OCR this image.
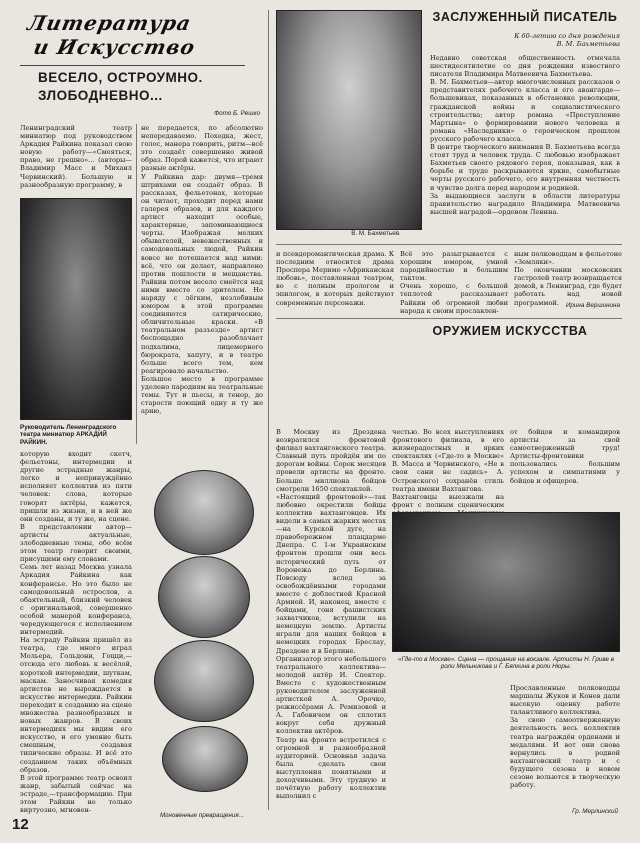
Литература
и Искусство
ВЕСЕЛО, ОСТРОУМНО.
ЗЛОБОДНЕВНО...
Фото Б. Решко
Ленинградский театр миниатюр под руководством Аркадия Райкина показал свою новую работу—«Смеяться, право, не грешно»... (авторы—Владимир Масс и Михаил Червинский). Большую и разнообразную программу, в
Руководитель Ленинградского театра миниатюр АРКАДИЙ РАЙКИН.
не передается, по абсолютно непередаваемо. Походка, жест, голос, манера говорить, ритм—всё это создаёт совершенно живой образ. Порой кажется, что играют разные актёры.
У Райкина дар: двумя—тремя штрихами он создаёт образ. В рассказах, фельетонах, которые он читает, проходит перед нами галерея образов, и для каждого артист находит особые, характерные, запоминающиеся черты. Изображая мелких обывателей, невежественных и самодовольных людей, Райкин вовсе не потешается над ними: всё, что он делает, направлено против пошлости и мещанства. Райкин потом весело смеётся над ними вместе со зрителем. Но наряду с лёгким, незлобивым юмором в этой программе соединяются сатирические, обличительные краски. «В театральном разъезде» артист беспощадно разоблачает подхалима, лицемерного бюрократа, хапугу, и в театре больше всего тем, кем реагировало начальство.
Большое место в программе уделено пародиям на театральные темы. Тут и пьесы, и тенор, до старости поющий одну и ту же арию,
которую входит скетч, фельетоны, интермедии и другие эстрадные жанры, легко и непринуждённо исполняет коллектив из пяти человек: слова, которые говорят актёры, кажется, пришли из жизни, и в ней же они созданы, и ту же, на сцене.
В представлении автор—артисты актуальные, злободневные темы, обо всём этом театр говорит своими, присущими ему словами.
Семь лет назад Москва узнала Аркадия Райкина как конферансье. Но это было не самодовольный острослов, а обаятельный, близкий человек с оригинальной, совершенно особой манерой конферанса, чередующегося с исполнением интермедий.
На эстраду Райкин пришёл из театра, где много играл Мольера, Гольдони, Гоцци,—отсюда его любовь к весёлой, короткой интермедии, шуткам, маскам. Заносчивая комедия артистов не вырождается в искусстве интермедии. Райкин переходит к созданию на сцене множества разнообразных и новых жанров. В своих интермедиях мы видим его искусство, и его умение быть смешным, создавая типические образы. И всё это созданием таких объёмных образов.
В этой программе театр освоил жанр, забытый сейчас на эстраде,—трансформацию. При этом Райкин не только виртуозно, мгновен-
Мгновенные превращения...
В. М. Бахметьев.
ЗАСЛУЖЕННЫЙ ПИСАТЕЛЬ
К 60-летию со дня рождения
В. М. Бахметьева
Недавно советская общественность отмечала шестидесятилетие со дня рождения известного писателя Владимира Матвеевича Бахметьева.
В. М. Бахметьев—автор многочисленных рассказов о представителях рабочего класса и его авангарде—большевиках, показанных в обстановке революции, гражданской войны и социалистического строительства; автор романа «Преступление Мартына» о формировании нового человека и романа «Наследники» о героическом прошлом русского рабочего класса.
В центре творческого внимания В. Бахметьева всегда стоят труд и человек труда. С любовью изображает Бахметьев своего рядового героя, показывая, как в борьбе и труде раскрываются яркие, самобытные черты русского рабочего, его внутренняя честность и чувство долга перед народом и родиной.
За выдающиеся заслуги в области литературы правительство наградило Владимира Матвеевича высшей наградой—орденом Ленина.
и псевдоромантическая драма. К последним относится драма Проспера Мериме «Африканская любовь», поставленная театром, во с полным прологом и эпилогом, в которых действуют современные персонажи.
Всё это разыгрывается с хорошим юмором, умной пародийностью и большим тактом.
Очень хорошо, с большой теплотой рассказывает Райкин об огромной любви народа к своим прославлен-
ным полководцам в фельетоне «Земляки».
По окончании московских гастролей театр возвращается домой, в Ленинград, где будет работать над новой программой.	Ирина Вершинина
ОРУЖИЕМ ИСКУССТВА
В Москву из Дрездена возвратился фронтовой филиал вахтанговского театра. Славный путь пройдён им по дорогам войны. Сорок месяцев провели артисты на фронте. Больше миллиона бойцов смотрели 1650 спектаклей.
«Настоящий фронтовой»—так любовно окрестили бойцы коллектив вахтанговцев. Их видели в самых жарких местах—на Курской дуге, на правобережном плацдарме Днепра. С 1-м Украинским фронтом прошли они весь исторический путь от Воронежа до Берлина. Повсюду вслед за освобождёнными городами вместе с доблестной Красной Армией. И, наконец, вместе с бойцами, гоня фашистских захватчиков, вступили на немецкую землю. Артисты играли для наших бойцов в немецких городах Бреслау, Дрездене и в Берлине.
Организатор этого небольшого театрального коллектива—молодой актёр И. Спектор. Вместе с художественным руководителем заслуженной артисткой А. Орочко, режиссёрами А. Ремизовой и А. Габовичем он сплотил вокруг себя дружный коллектив актёров.
Театр на фронте встретился с огромной и разнообразной аудиторией. Основная задача была сделать свои выступления понятными и доходчивыми. Эту трудную и почётную работу коллектив выполнил с
честью. Во всех выступлениях фронтового филиала, в его жизнерадостных и ярких спектаклях («Где-то в Москве» В. Масса и Червинского, «Не в свои сани не садись» А. Островского) сохранён стиль театра имени Вахтангова.
Вахтанговцы выезжали на фронт с полным сценическим
от бойцов и командиров артисты за свой самоотверженный труд! Артисты-фронтовики пользовались большим успехом и симпатиями у бойцов и офицеров.
«Где-то в Москве». Сцена — прощание на вокзале. Артисты Н. Гриве в роли Мельникова и Г. Бялкина в роли Нюры.
Прославленные полководцы маршалы Жуков и Конев дали высокую оценку работе талантливого коллектива.
За свою самоотверженную деятельность весь коллектив театра награждён орденами и медалями. И вот они снова вернулись в родной вахтанговский театр и с будущего сезона в новом сезоне вольются в творческую работу.
Гр. Мерлинский
12
